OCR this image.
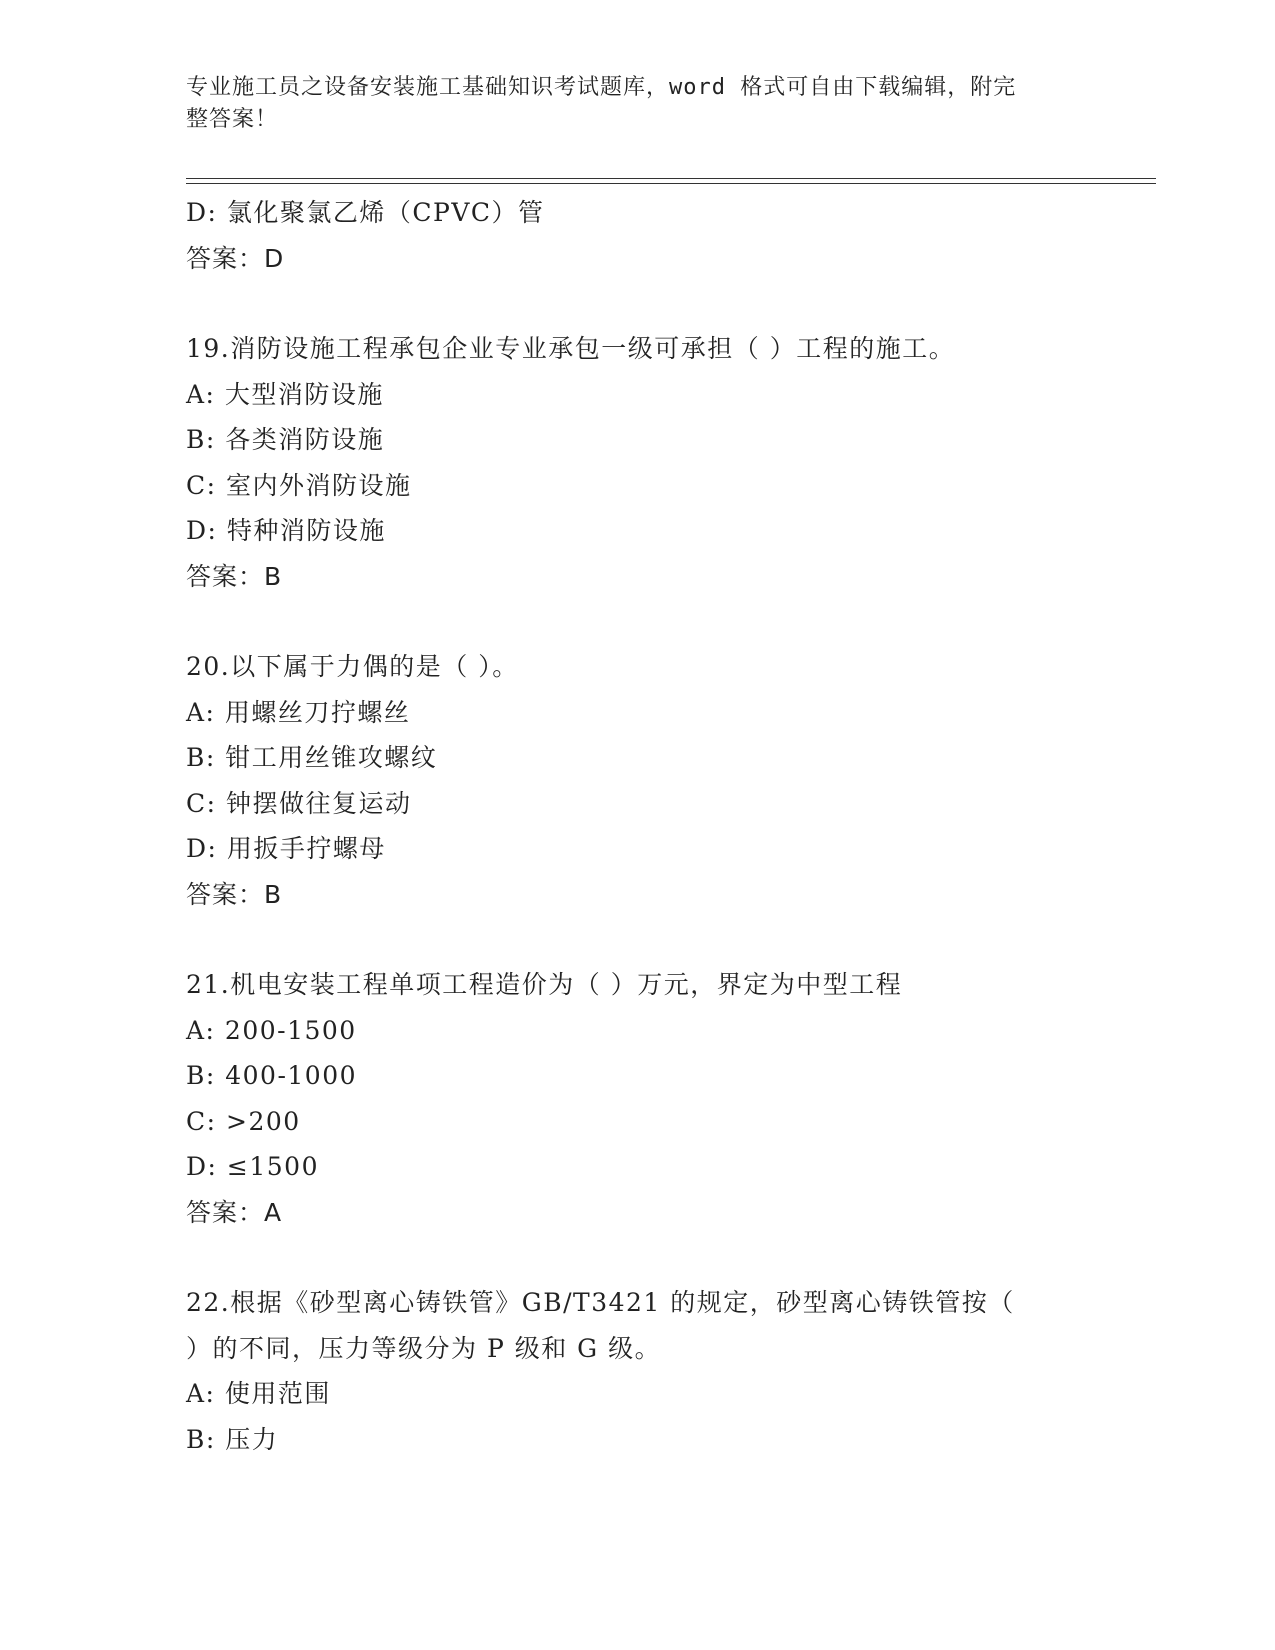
专业施工员之设备安装施工基础知识考试题库，word 格式可自由下载编辑，附完
整答案！
D: 氯化聚氯乙烯（CPVC）管
答案：D
19.消防设施工程承包企业专业承包一级可承担（ ）工程的施工。
A: 大型消防设施
B: 各类消防设施
C: 室内外消防设施
D: 特种消防设施
答案：B
20.以下属于力偶的是（ ）。
A: 用螺丝刀拧螺丝
B: 钳工用丝锥攻螺纹
C: 钟摆做往复运动
D: 用扳手拧螺母
答案：B
21.机电安装工程单项工程造价为（ ）万元，界定为中型工程
A: 200-1500
B: 400-1000
C: >200
D: ≤1500
答案：A
22.根据《砂型离心铸铁管》GB/T3421 的规定，砂型离心铸铁管按（
）的不同，压力等级分为 P 级和 G 级。
A: 使用范围
B: 压力
